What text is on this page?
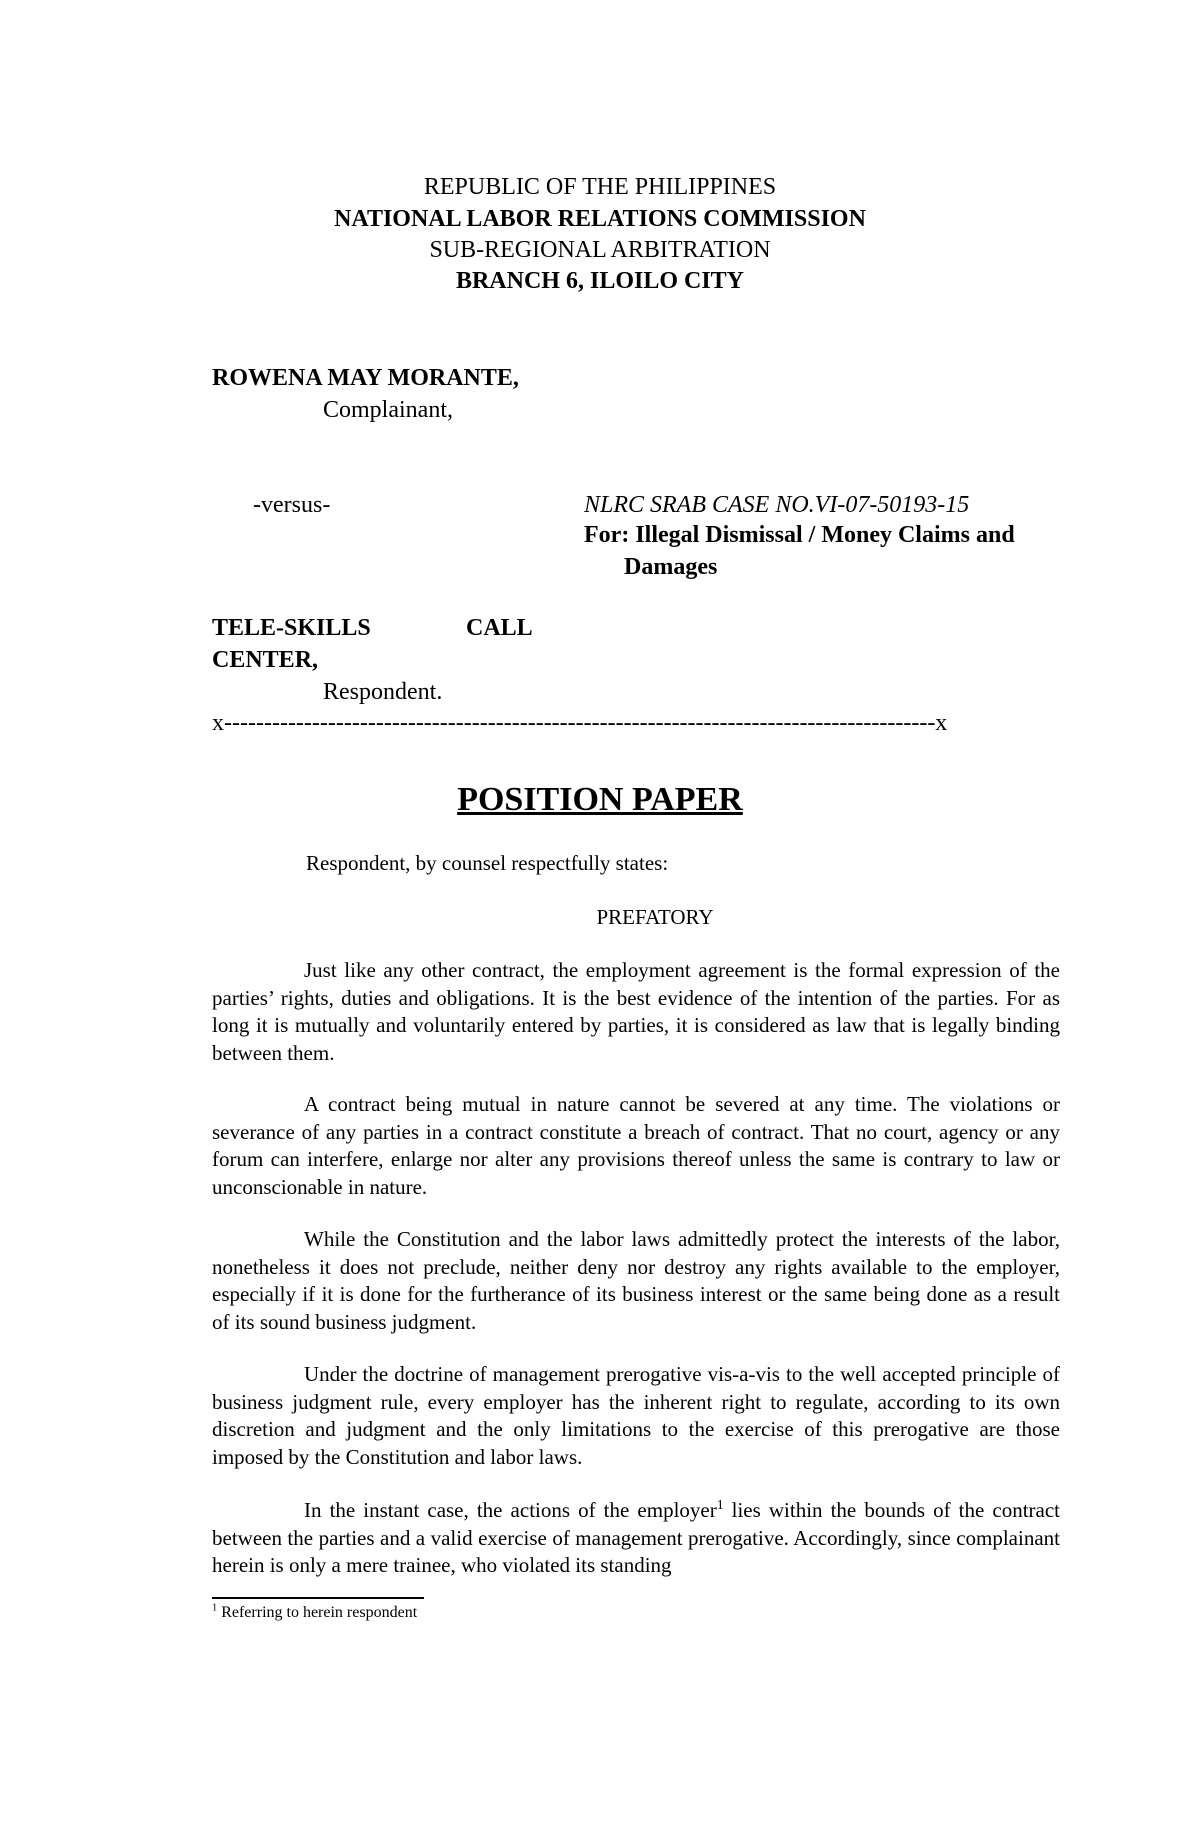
REPUBLIC OF THE PHILIPPINES
NATIONAL LABOR RELATIONS COMMISSION
SUB-REGIONAL ARBITRATION
BRANCH 6, ILOILO CITY
ROWENA MAY MORANTE,
Complainant,
-versus-	NLRC SRAB CASE NO.VI-07-50193-15
For: Illegal Dismissal / Money Claims and
Damages
TELE-SKILLS	CALL
CENTER,
Respondent.
x-----------------------------------------------------------------------------------------x
POSITION PAPER
Respondent, by counsel respectfully states:
PREFATORY

Just like any other contract, the employment agreement is the formal expression of the parties’ rights, duties and obligations. It is the best evidence of the intention of the parties. For as long it is mutually and voluntarily entered by parties, it is considered as law that is legally binding between them.

A contract being mutual in nature cannot be severed at any time. The violations or severance of any parties in a contract constitute a breach of contract. That no court, agency or any forum can interfere, enlarge nor alter any provisions thereof unless the same is contrary to law or unconscionable in nature.

While the Constitution and the labor laws admittedly protect the interests of the labor, nonetheless it does not preclude, neither deny nor destroy any rights available to the employer, especially if it is done for the furtherance of its business interest or the same being done as a result of its sound business judgment.

Under the doctrine of management prerogative vis-a-vis to the well accepted principle of business judgment rule, every employer has the inherent right to regulate, according to its own discretion and judgment and the only limitations to the exercise of this prerogative are those imposed by the Constitution and labor laws.

In the instant case, the actions of the employer$^1$ lies within the bounds of the contract between the parties and a valid exercise of management prerogative. Accordingly, since complainant herein is only a mere trainee, who violated its standing

$^1$ Referring to herein respondent
